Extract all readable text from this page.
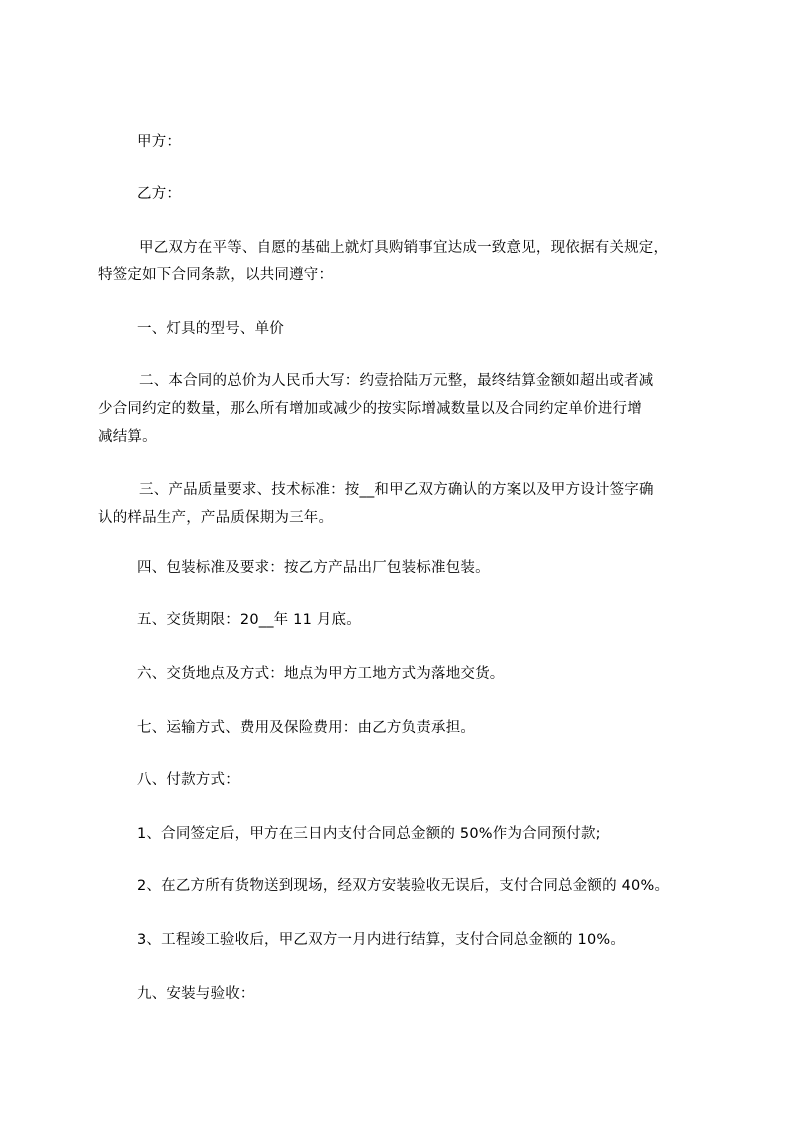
甲方：
乙方：
甲乙双方在平等、自愿的基础上就灯具购销事宜达成一致意见，现依据有关规定，
特签定如下合同条款，以共同遵守：
一、灯具的型号、单价
二、本合同的总价为人民币大写：约壹拾陆万元整，最终结算金额如超出或者减
少合同约定的数量，那么所有增加或减少的按实际增减数量以及合同约定单价进行增
减结算。
三、产品质量要求、技术标准：按__和甲乙双方确认的方案以及甲方设计签字确
认的样品生产，产品质保期为三年。
四、包装标准及要求：按乙方产品出厂包装标准包装。
五、交货期限：20__年 11 月底。
六、交货地点及方式：地点为甲方工地方式为落地交货。
七、运输方式、费用及保险费用：由乙方负责承担。
八、付款方式：
1、合同签定后，甲方在三日内支付合同总金额的 50%作为合同预付款;
2、在乙方所有货物送到现场，经双方安装验收无误后，支付合同总金额的 40%。
3、工程竣工验收后，甲乙双方一月内进行结算，支付合同总金额的 10%。
九、安装与验收：
